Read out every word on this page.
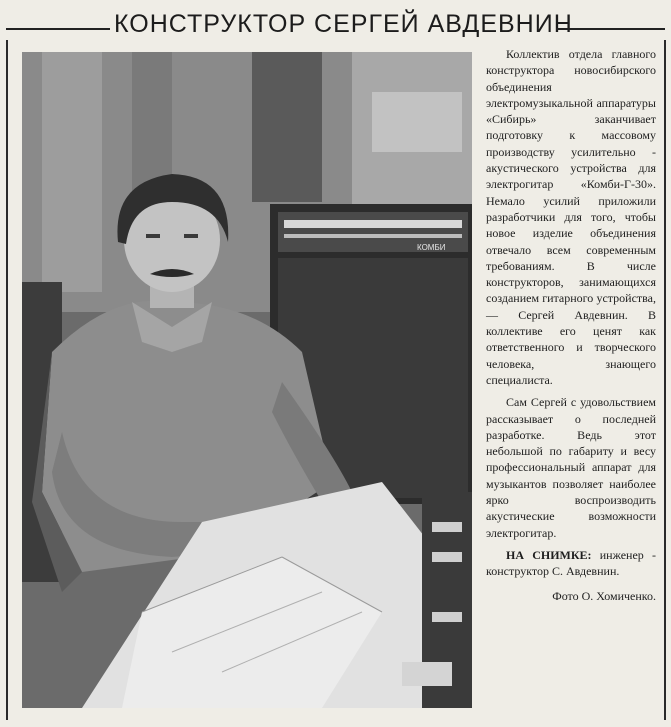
КОНСТРУКТОР СЕРГЕЙ АВДЕВНИН
КОМБИ

Коллектив отдела главного конструктора новосибирского объединения электромузыкальной аппаратуры «Сибирь» заканчивает подготовку к массовому производству усилительно - акустического устройства для электрогитар «Комби-Г-30». Немало усилий приложили разработчики для того, чтобы новое изделие объединения отвечало всем современным требованиям. В числе конструкторов, занимающихся созданием гитарного устройства,— Сергей Авдевнин. В коллективе его ценят как ответственного и творческого человека, знающего специалиста.

Сам Сергей с удовольствием рассказывает о последней разработке. Ведь этот небольшой по габариту и весу профессиональный аппарат для музыкантов позволяет наиболее ярко воспроизводить акустические возможности электрогитар.

НА СНИМКЕ: инженер - конструктор С. Авдевнин.

Фото О. Хомиченко.
